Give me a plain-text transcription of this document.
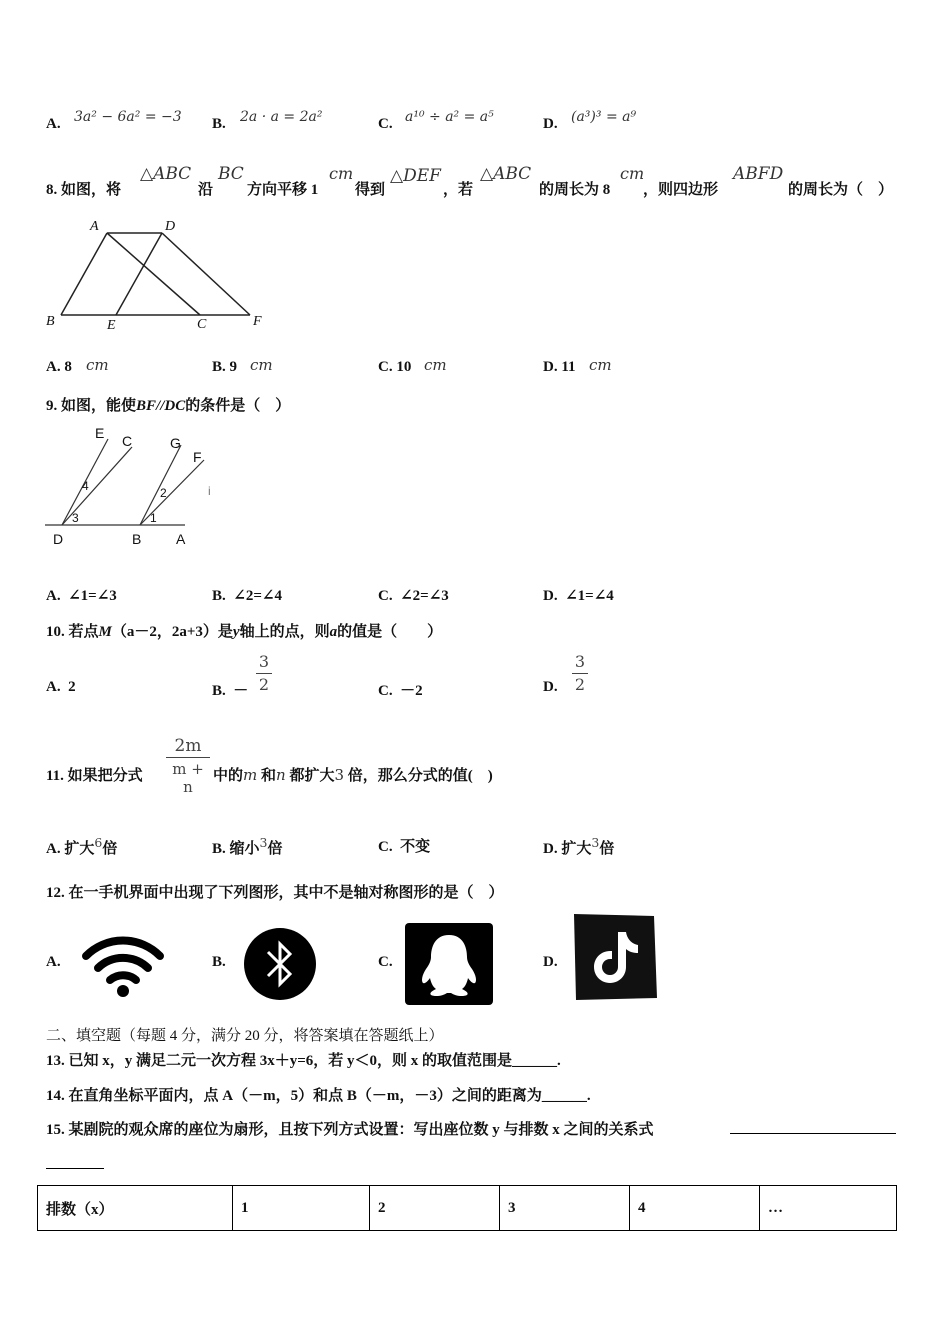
A. 3a² − 6a² = −3 B. 2a · a = 2a²	C. a¹⁰ ÷ a² = a⁵	D. (a³)³ = a⁹
8. 如图，将
△ABC
沿
BC
方向平移 1
cm
得到
△DEF
，若
△ABC
的周长为 8
cm
，则四边形
ABFD
的周长为（　）
A	D
B	E	C	F
A. 8 cm	B. 9 cm	C. 10 cm	D. 11 cm
9. 如图，能使BF//DC的条件是（　）
E C	G
F
4
3
2
1
i
D	B A
A. ∠1=∠3	B. ∠2=∠4	C. ∠2=∠3	D. ∠1=∠4
10. 若点M（a－2，2a+3）是y轴上的点，则a的值是（　　）
A. 2	B. －
3
2	C. －2	D.
3
2
11. 如果把分式
2m
m + n
中的m 和n 都扩大3 倍，那么分式的值(　)
A. 扩大$^6$倍	B. 缩小$^3$倍	C. 不变	D. 扩大$^3$倍
12. 在一手机界面中出现了下列图形，其中不是轴对称图形的是（　）
A.	B.	C.	D.
二、填空题（每题 4 分，满分 20 分，将答案填在答题纸上）
13. 已知 x，y 满足二元一次方程 3x＋y=6，若 y＜0，则 x 的取值范围是______.
14. 在直角坐标平面内，点 A（－m，5）和点 B（－m，－3）之间的距离为______.
15. 某剧院的观众席的座位为扇形，且按下列方式设置：写出座位数 y 与排数 x 之间的关系式
排数（x）	1	2	3	4	…
